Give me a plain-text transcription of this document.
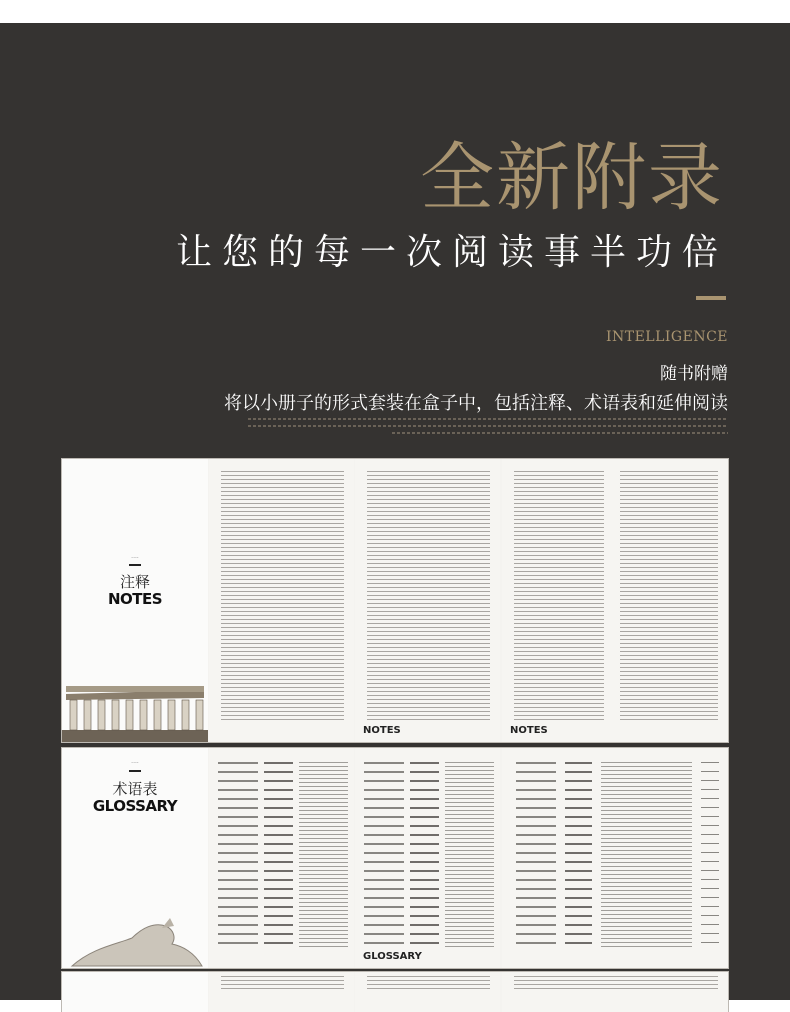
全新附录
让您的每一次阅读事半功倍
INTELLIGENCE
随书附赠
将以小册子的形式套装在盒子中，包括注释、术语表和延伸阅读
····
注释
NOTES
NOTES	NOTES
····
术语表
GLOSSARY
GLOSSARY
